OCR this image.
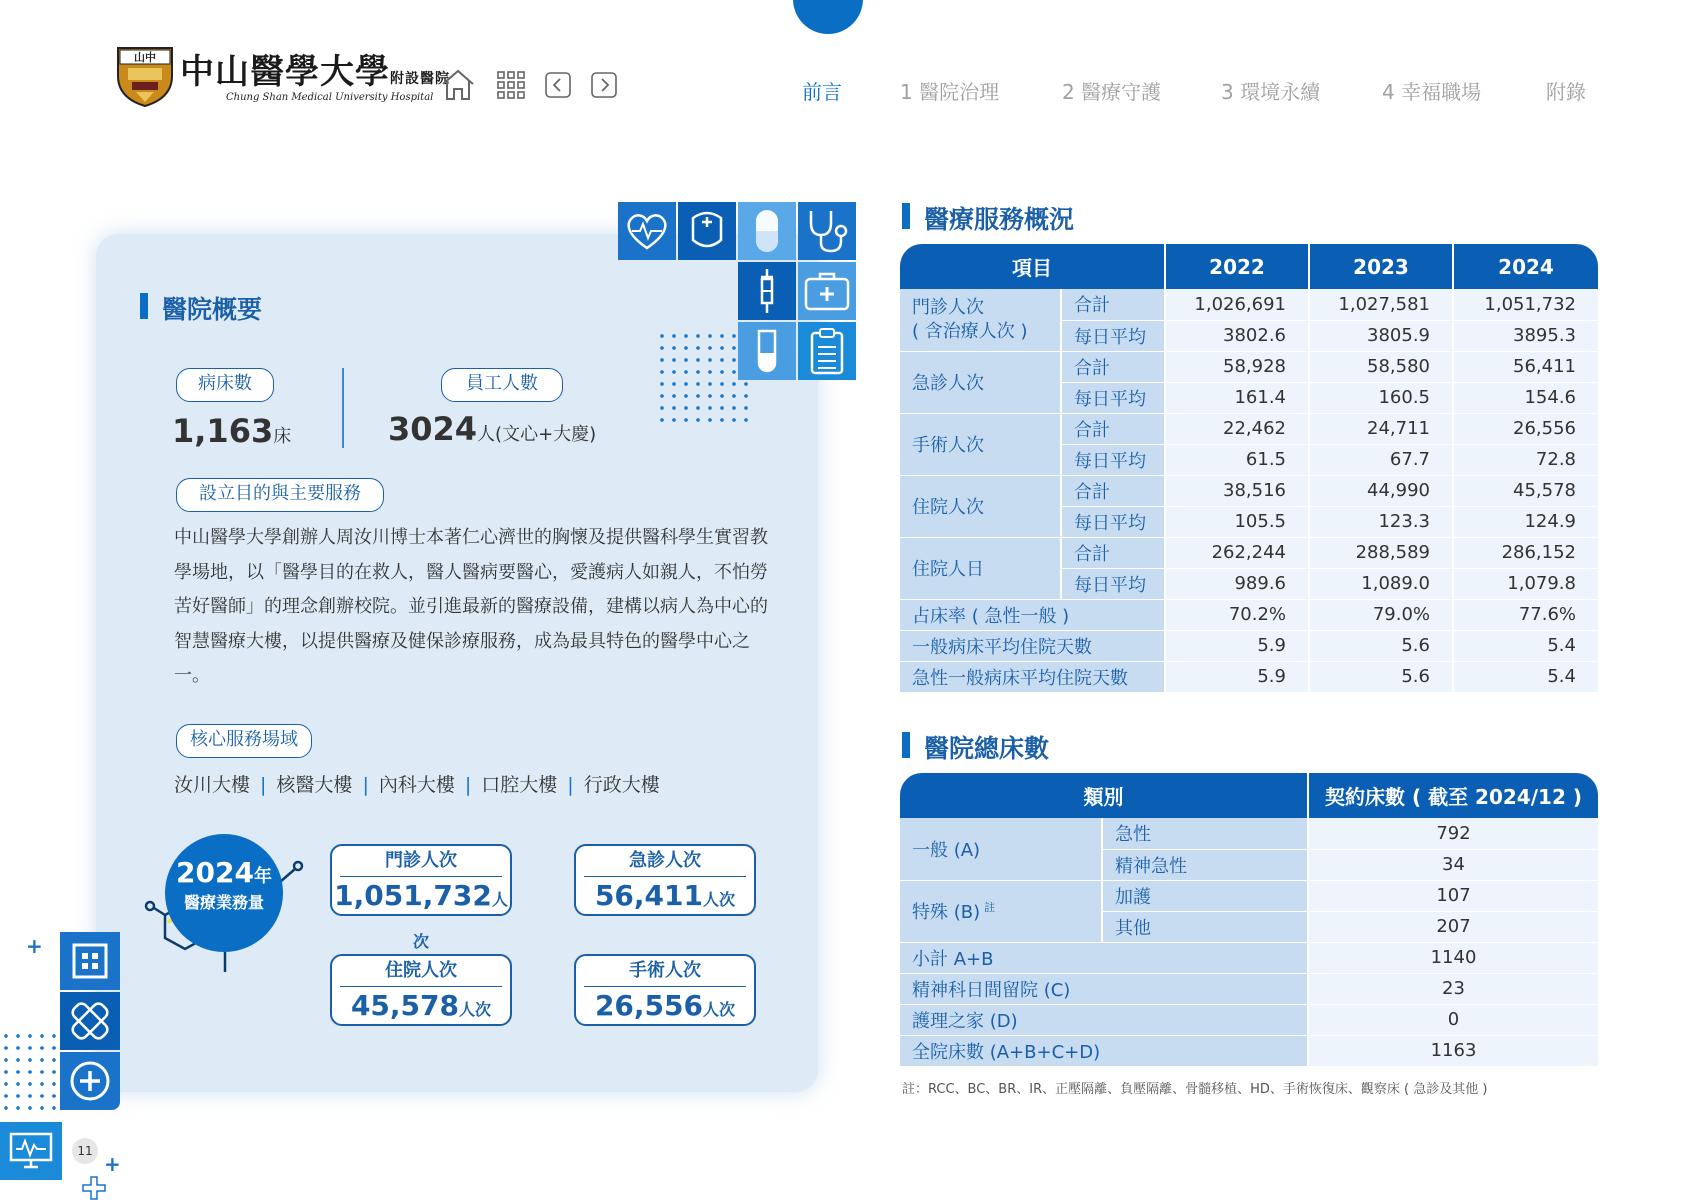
山中 中山醫學大學附設醫院
Chung Shan Medical University Hospital	前言	1 醫院治理	2 醫療守護	3 環境永續	4 幸福職場	附錄
醫院概要
病床數
1,163床
員工人數
3024人(文心+大慶)
設立目的與主要服務
中山醫學大學創辦人周汝川博士本著仁心濟世的胸懷及提供醫科學生實習教學場地，以「醫學目的在救人，醫人醫病要醫心，愛護病人如親人，不怕勞苦好醫師」的理念創辦校院。並引進最新的醫療設備，建構以病人為中心的智慧醫療大樓，以提供醫療及健保診療服務，成為最具特色的醫學中心之一。
核心服務場域
汝川大樓 | 核醫大樓 | 內科大樓 | 口腔大樓 | 行政大樓
2024年
醫療業務量
門診人次
1,051,732人次
急診人次
56,411人次
住院人次
45,578人次
手術人次
26,556人次
+
11
+
醫療服務概況
項目		2022	2023	2024
門診人次
( 含治療人次 )	合計	1,026,691	1,027,581	1,051,732
	每日平均	3802.6	3805.9	3895.3
急診人次	合計	58,928	58,580	56,411
	每日平均	161.4	160.5	154.6
手術人次	合計	22,462	24,711	26,556
	每日平均	61.5	67.7	72.8
住院人次	合計	38,516	44,990	45,578
	每日平均	105.5	123.3	124.9
住院人日	合計	262,244	288,589	286,152
	每日平均	989.6	1,089.0	1,079.8
占床率 ( 急性一般 )		70.2%	79.0%	77.6%
一般病床平均住院天數		5.9	5.6	5.4
急性一般病床平均住院天數		5.9	5.6	5.4
醫院總床數
類別		契約床數 ( 截至 2024/12 )
一般 (A)	急性	792
	精神急性	34
特殊 (B) $^註$	加護	107
	其他	207
小計 A+B		1140
精神科日間留院 (C)		23
護理之家 (D)		0
全院床數 (A+B+C+D)		1163
註：RCC、BC、BR、IR、正壓隔離、負壓隔離、骨髓移植、HD、手術恢復床、觀察床 ( 急診及其他 )
